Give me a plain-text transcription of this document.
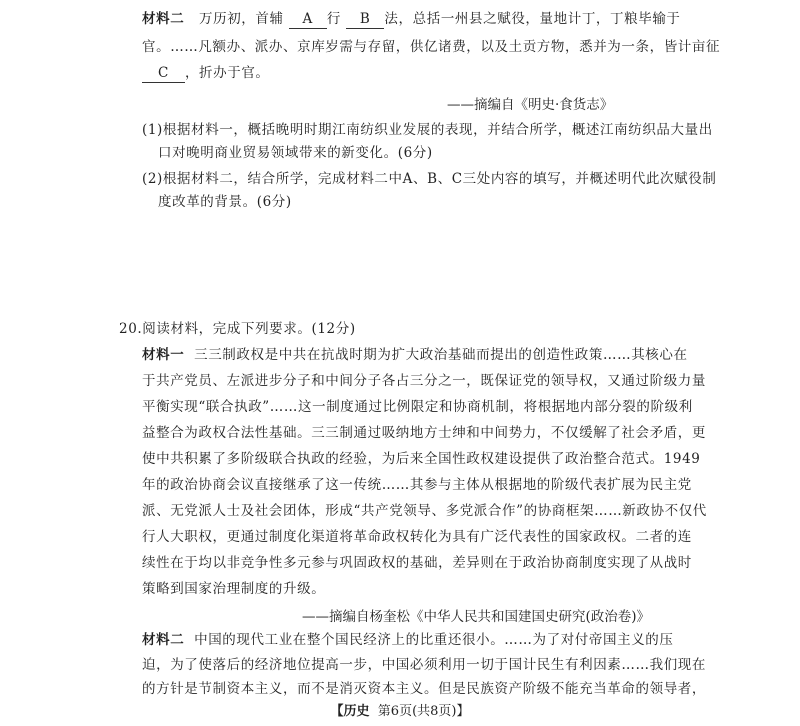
材料二 万历初，首辅 A 行 B 法，总括一州县之赋役，量地计丁，丁粮毕输于
官。……凡额办、派办、京库岁需与存留，供亿诸费，以及土贡方物，悉并为一条，皆计亩征
C ，折办于官。
——摘编自《明史·食货志》
(1)根据材料一，概括晚明时期江南纺织业发展的表现，并结合所学，概述江南纺织品大量出
口对晚明商业贸易领域带来的新变化。(6分)
(2)根据材料二，结合所学，完成材料二中A、B、C三处内容的填写，并概述明代此次赋役制
度改革的背景。(6分)
20.阅读材料，完成下列要求。(12分)
材料一 三三制政权是中共在抗战时期为扩大政治基础而提出的创造性政策……其核心在
于共产党员、左派进步分子和中间分子各占三分之一，既保证党的领导权，又通过阶级力量
平衡实现“联合执政”……这一制度通过比例限定和协商机制，将根据地内部分裂的阶级利
益整合为政权合法性基础。三三制通过吸纳地方士绅和中间势力，不仅缓解了社会矛盾，更
使中共积累了多阶级联合执政的经验，为后来全国性政权建设提供了政治整合范式。1949
年的政治协商会议直接继承了这一传统……其参与主体从根据地的阶级代表扩展为民主党
派、无党派人士及社会团体，形成“共产党领导、多党派合作”的协商框架……新政协不仅代
行人大职权，更通过制度化渠道将革命政权转化为具有广泛代表性的国家政权。二者的连
续性在于均以非竞争性多元参与巩固政权的基础，差异则在于政治协商制度实现了从战时
策略到国家治理制度的升级。
——摘编自杨奎松《中华人民共和国建国史研究(政治卷)》
材料二 中国的现代工业在整个国民经济上的比重还很小。……为了对付帝国主义的压
迫，为了使落后的经济地位提高一步，中国必须利用一切于国计民生有利因素……我们现在
的方针是节制资本主义，而不是消灭资本主义。但是民族资产阶级不能充当革命的领导者，
【历史 第6页(共8页)】
